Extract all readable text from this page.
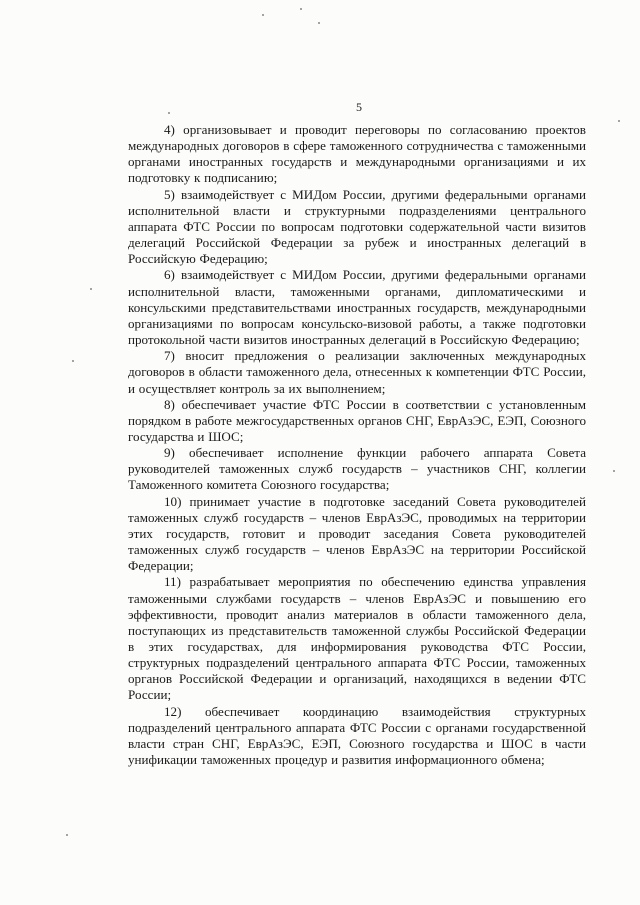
5

4) организовывает и проводит переговоры по согласованию проектов международных договоров в сфере таможенного сотрудничества с таможенными органами иностранных государств и международными организациями и их подготовку к подписанию;

5) взаимодействует с МИДом России, другими федеральными органами исполнительной власти и структурными подразделениями центрального аппарата ФТС России по вопросам подготовки содержательной части визитов делегаций Российской Федерации за рубеж и иностранных делегаций в Российскую Федерацию;

6) взаимодействует с МИДом России, другими федеральными органами исполнительной власти, таможенными органами, дипломатическими и консульскими представительствами иностранных государств, международными организациями по вопросам консульско-визовой работы, а также подготовки протокольной части визитов иностранных делегаций в Российскую Федерацию;

7) вносит предложения о реализации заключенных международных договоров в области таможенного дела, отнесенных к компетенции ФТС России, и осуществляет контроль за их выполнением;

8) обеспечивает участие ФТС России в соответствии с установленным порядком в работе межгосударственных органов СНГ, ЕврАзЭС, ЕЭП, Союзного государства и ШОС;

9) обеспечивает исполнение функции рабочего аппарата Совета руководителей таможенных служб государств – участников СНГ, коллегии Таможенного комитета Союзного государства;

10) принимает участие в подготовке заседаний Совета руководителей таможенных служб государств – членов ЕврАзЭС, проводимых на территории этих государств, готовит и проводит заседания Совета руководителей таможенных служб государств – членов ЕврАзЭС на территории Российской Федерации;

11) разрабатывает мероприятия по обеспечению единства управления таможенными службами государств – членов ЕврАзЭС и повышению его эффективности, проводит анализ материалов в области таможенного дела, поступающих из представительств таможенной службы Российской Федерации в этих государствах, для информирования руководства ФТС России, структурных подразделений центрального аппарата ФТС России, таможенных органов Российской Федерации и организаций, находящихся в ведении ФТС России;

12) обеспечивает координацию взаимодействия структурных подразделений центрального аппарата ФТС России с органами государственной власти стран СНГ, ЕврАзЭС, ЕЭП, Союзного государства и ШОС в части унификации таможенных процедур и развития информационного обмена;
